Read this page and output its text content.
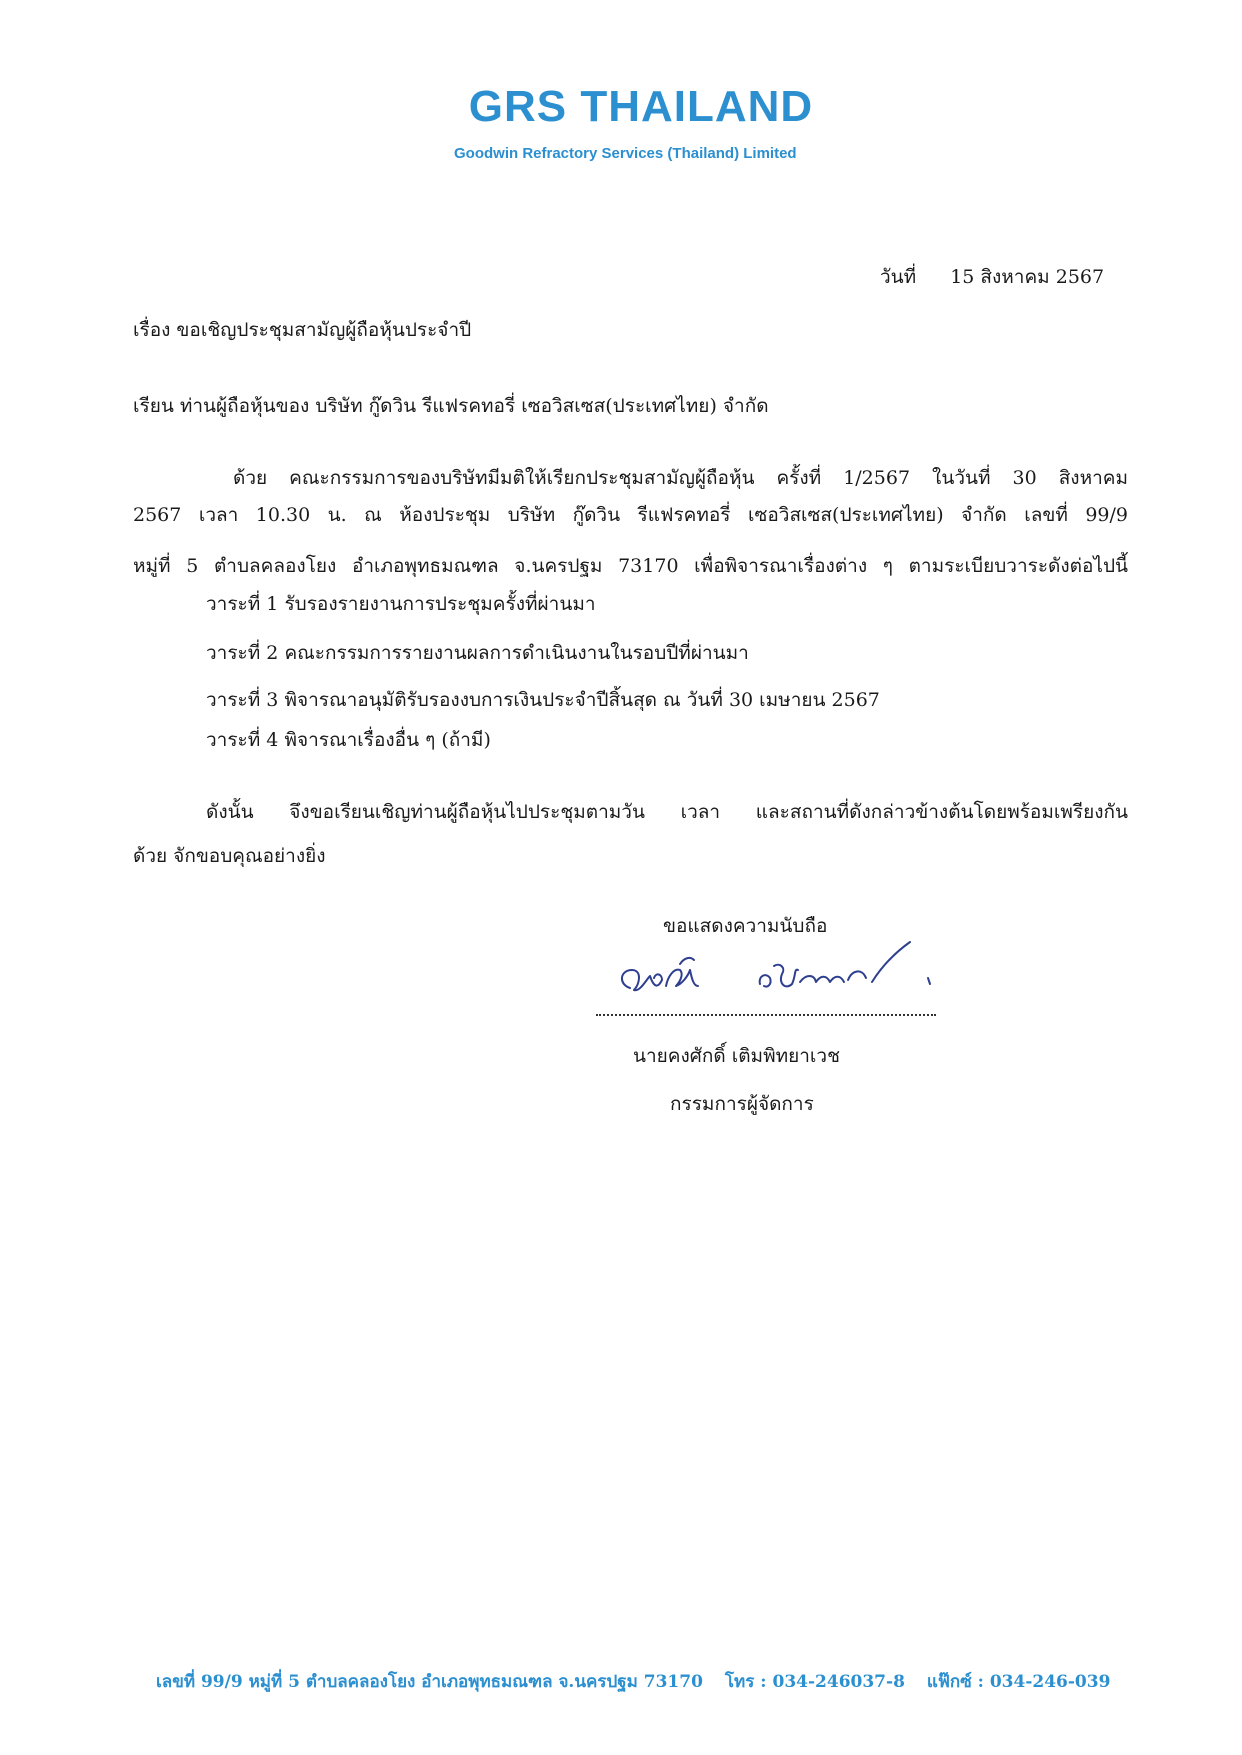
GRS THAILAND
Goodwin Refractory Services (Thailand) Limited
วันที่ 15 สิงหาคม 2567
เรื่อง ขอเชิญประชุมสามัญผู้ถือหุ้นประจำปี
เรียน ท่านผู้ถือหุ้นของ บริษัท กู๊ดวิน รีแฟรคทอรี่ เซอวิสเซส(ประเทศไทย) จำกัด
ด้วย คณะกรรมการของบริษัทมีมติให้เรียกประชุมสามัญผู้ถือหุ้น ครั้งที่ 1/2567 ในวันที่ 30 สิงหาคม
2567 เวลา 10.30 น. ณ ห้องประชุม บริษัท กู๊ดวิน รีแฟรคทอรี่ เซอวิสเซส(ประเทศไทย) จำกัด เลขที่ 99/9
หมู่ที่ 5 ตำบลคลองโยง อำเภอพุทธมณฑล จ.นครปฐม 73170 เพื่อพิจารณาเรื่องต่าง ๆ ตามระเบียบวาระดังต่อไปนี้
วาระที่ 1 รับรองรายงานการประชุมครั้งที่ผ่านมา
วาระที่ 2 คณะกรรมการรายงานผลการดำเนินงานในรอบปีที่ผ่านมา
วาระที่ 3 พิจารณาอนุมัติรับรองงบการเงินประจำปีสิ้นสุด ณ วันที่ 30 เมษายน 2567
วาระที่ 4 พิจารณาเรื่องอื่น ๆ (ถ้ามี)
ดังนั้น จึงขอเรียนเชิญท่านผู้ถือหุ้นไปประชุมตามวัน เวลา และสถานที่ดังกล่าวข้างต้นโดยพร้อมเพรียงกัน
ด้วย จักขอบคุณอย่างยิ่ง
ขอแสดงความนับถือ
นายคงศักดิ์ เติมพิทยาเวช
กรรมการผู้จัดการ
เลขที่ 99/9 หมู่ที่ 5 ตำบลคลองโยง อำเภอพุทธมณฑล จ.นครปฐม 73170 โทร : 034-246037-8 แฟ๊กซ์ : 034-246-039
